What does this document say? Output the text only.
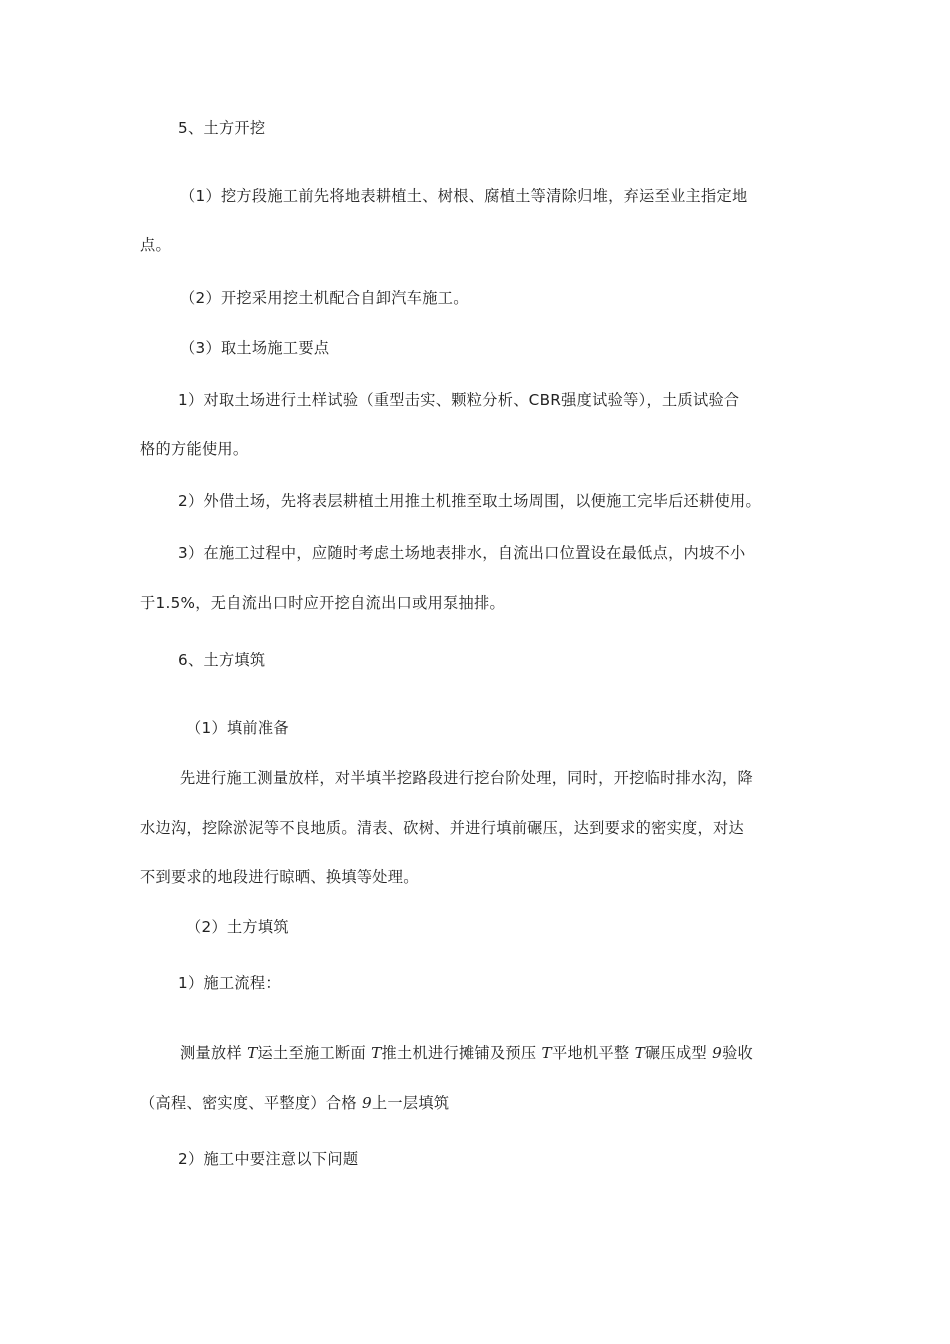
5、土方开挖
（1）挖方段施工前先将地表耕植土、树根、腐植土等清除归堆，弃运至业主指定地
点。
（2）开挖采用挖土机配合自卸汽车施工。
（3）取土场施工要点
1）对取土场进行土样试验（重型击实、颗粒分析、CBR强度试验等），土质试验合
格的方能使用。
2）外借土场，先将表层耕植土用推土机推至取土场周围，以便施工完毕后还耕使用。
3）在施工过程中，应随时考虑土场地表排水，自流出口位置设在最低点，内坡不小
于1.5%，无自流出口时应开挖自流出口或用泵抽排。
6、土方填筑
（1）填前准备
先进行施工测量放样，对半填半挖路段进行挖台阶处理，同时，开挖临时排水沟，降
水边沟，挖除淤泥等不良地质。清表、砍树、并进行填前碾压，达到要求的密实度，对达
不到要求的地段进行晾晒、换填等处理。
（2）土方填筑
1）施工流程：
测量放样 T运土至施工断面 T推土机进行摊铺及预压 T平地机平整 T碾压成型 9验收
（高程、密实度、平整度）合格 9上一层填筑
2）施工中要注意以下问题
